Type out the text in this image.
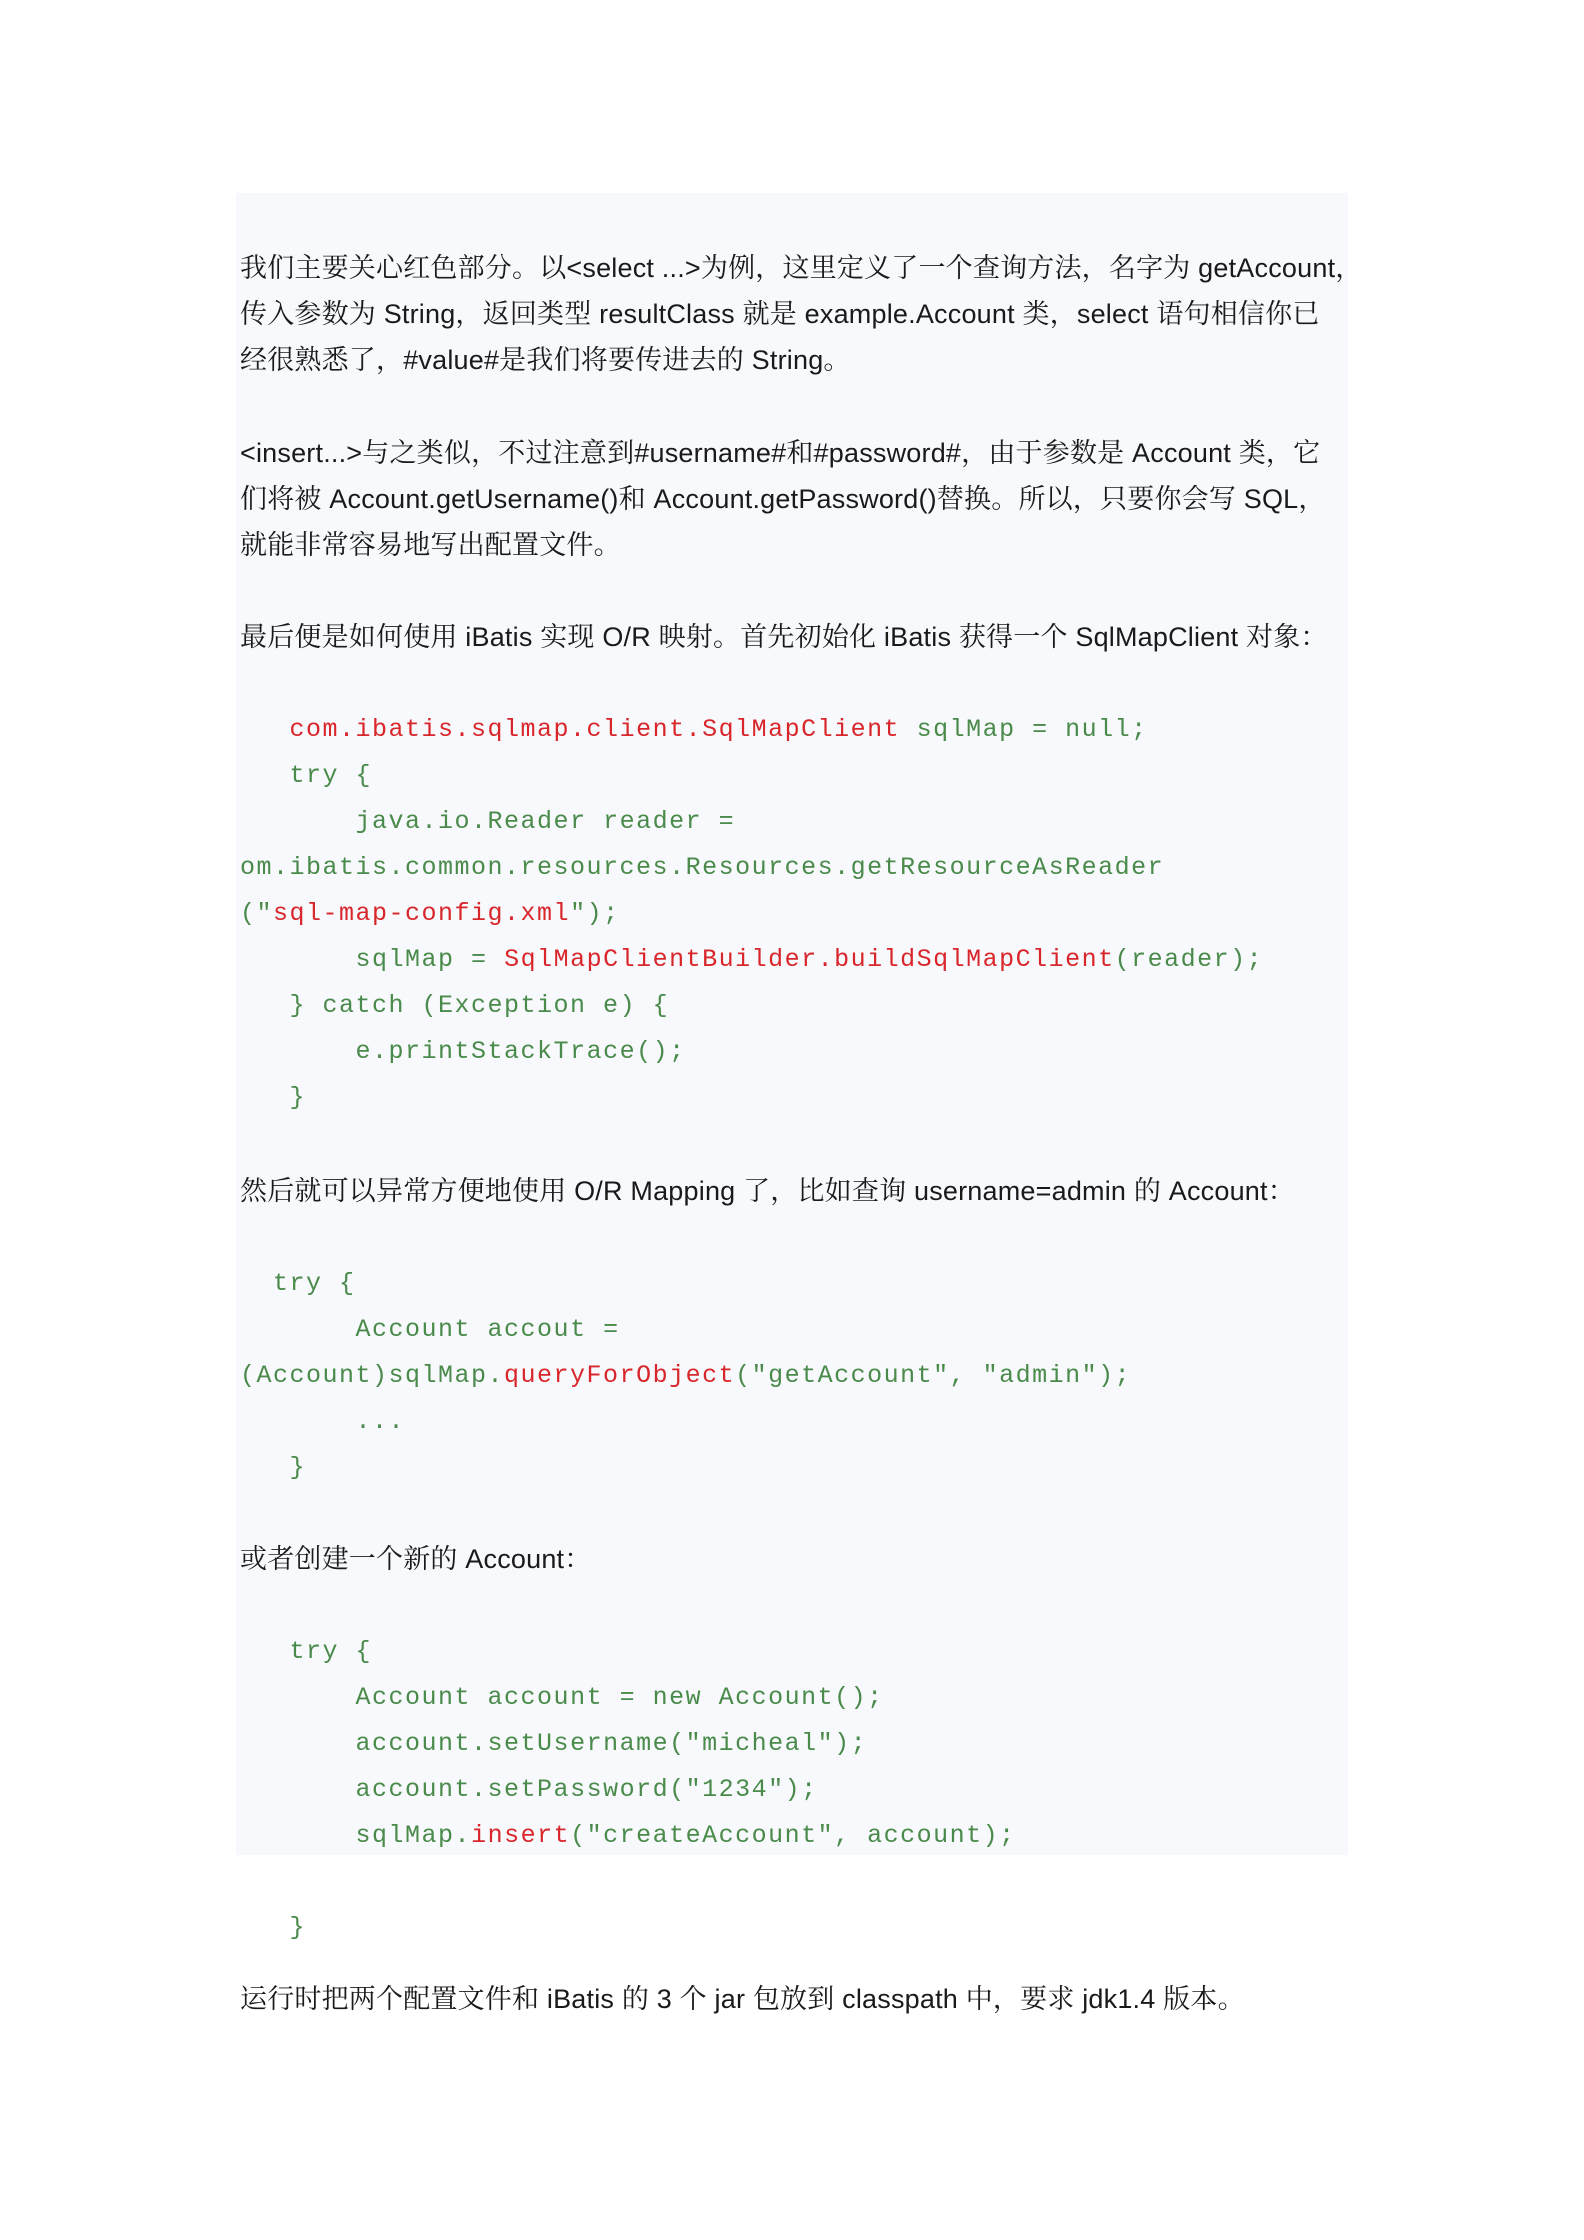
我们主要关心红色部分。以<select ...>为例，这里定义了一个查询方法，名字为 getAccount，
传入参数为 String，返回类型 resultClass 就是 example.Account 类，select 语句相信你已
经很熟悉了，#value#是我们将要传进去的 String。
<insert...>与之类似，不过注意到#username#和#password#，由于参数是 Account 类，它
们将被 Account.getUsername()和 Account.getPassword()替换。所以，只要你会写 SQL，
就能非常容易地写出配置文件。
最后便是如何使用 iBatis 实现 O/R 映射。首先初始化 iBatis 获得一个 SqlMapClient 对象：
com.ibatis.sqlmap.client.SqlMapClient sqlMap = null;
try {
java.io.Reader reader =
om.ibatis.common.resources.Resources.getResourceAsReader
("sql-map-config.xml");
sqlMap = SqlMapClientBuilder.buildSqlMapClient(reader);
} catch (Exception e) {
e.printStackTrace();
}
然后就可以异常方便地使用 O/R Mapping 了，比如查询 username=admin 的 Account：
try {
Account accout =
(Account)sqlMap.queryForObject("getAccount", "admin");
...
}
或者创建一个新的 Account：
try {
Account account = new Account();
account.setUsername("micheal");
account.setPassword("1234");
sqlMap.insert("createAccount", account);
}
运行时把两个配置文件和 iBatis 的 3 个 jar 包放到 classpath 中，要求 jdk1.4 版本。
